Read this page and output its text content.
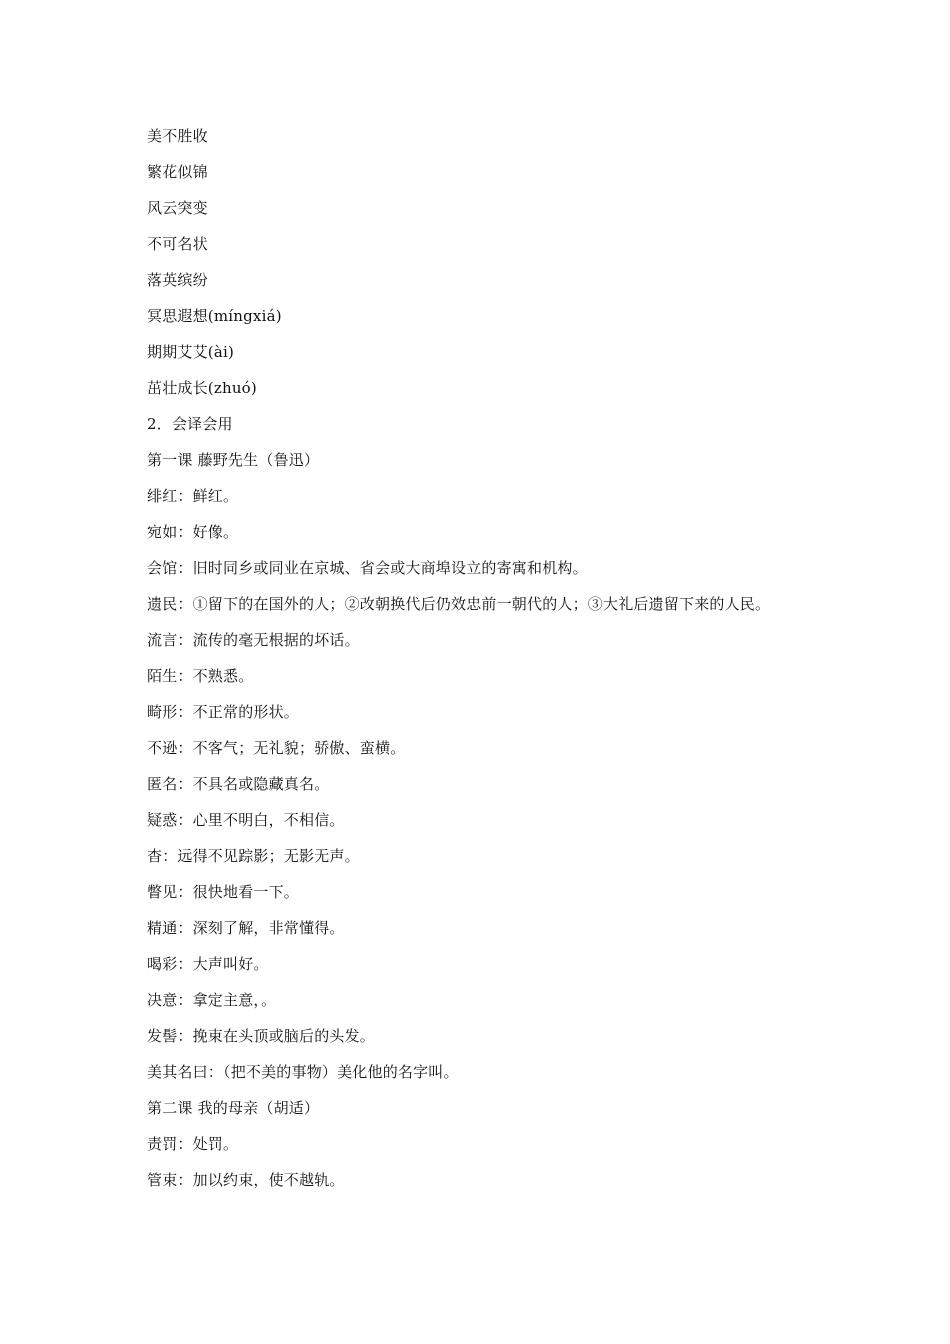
美不胜收
繁花似锦
风云突变
不可名状
落英缤纷
冥思遐想(míngxiá)
期期艾艾(ài)
茁壮成长(zhuó)
2．会译会用
第一课 藤野先生（鲁迅）
绯红：鲜红。
宛如：好像。
会馆：旧时同乡或同业在京城、省会或大商埠设立的寄寓和机构。
遗民：①留下的在国外的人；②改朝换代后仍效忠前一朝代的人；③大礼后遗留下来的人民。
流言：流传的毫无根据的坏话。
陌生：不熟悉。
畸形：不正常的形状。
不逊：不客气；无礼貌；骄傲、蛮横。
匿名：不具名或隐藏真名。
疑惑：心里不明白，不相信。
杳：远得不见踪影；无影无声。
瞥见：很快地看一下。
精通：深刻了解，非常懂得。
喝彩：大声叫好。
决意：拿定主意，。
发髻：挽束在头顶或脑后的头发。
美其名曰：（把不美的事物）美化他的名字叫。
第二课 我的母亲（胡适）
责罚：处罚。
管束：加以约束，使不越轨。
